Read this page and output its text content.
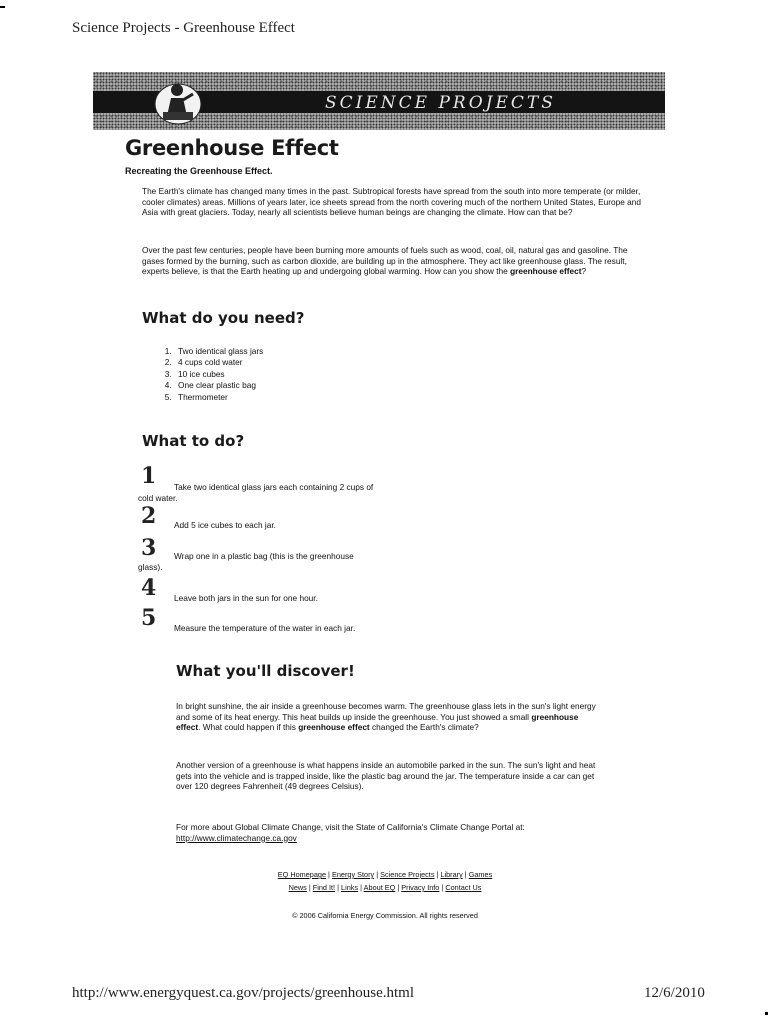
Science Projects - Greenhouse Effect
SCIENCE PROJECTS
Greenhouse Effect
Recreating the Greenhouse Effect.
The Earth's climate has changed many times in the past. Subtropical forests have spread from the south into more temperate (or milder, cooler climates) areas. Millions of years later, ice sheets spread from the north covering much of the northern United States, Europe and Asia with great glaciers. Today, nearly all scientists believe human beings are changing the climate. How can that be?
Over the past few centuries, people have been burning more amounts of fuels such as wood, coal, oil, natural gas and gasoline. The gases formed by the burning, such as carbon dioxide, are building up in the atmosphere. They act like greenhouse glass. The result, experts believe, is that the Earth heating up and undergoing global warming. How can you show the greenhouse effect?
What do you need?
1. Two identical glass jars
2. 4 cups cold water
3. 10 ice cubes
4. One clear plastic bag
5. Thermometer
What to do?
1	Take two identical glass jars each containing 2 cups of cold water.
2 Add 5 ice cubes to each jar.
3	Wrap one in a plastic bag (this is the greenhouse glass).
4 Leave both jars in the sun for one hour.
5	Measure the temperature of the water in each jar.
What you'll discover!
In bright sunshine, the air inside a greenhouse becomes warm. The greenhouse glass lets in the sun's light energy and some of its heat energy. This heat builds up inside the greenhouse. You just showed a small greenhouse effect. What could happen if this greenhouse effect changed the Earth's climate?
Another version of a greenhouse is what happens inside an automobile parked in the sun. The sun's light and heat gets into the vehicle and is trapped inside, like the plastic bag around the jar. The temperature inside a car can get over 120 degrees Fahrenheit (49 degrees Celsius).
For more about Global Climate Change, visit the State of California's Climate Change Portal at: http://www.climatechange.ca.gov
EQ Homepage | Energy Story | Science Projects | Library | Games
News | Find It! | Links | About EQ | Privacy Info | Contact Us
© 2006 California Energy Commission. All rights reserved
http://www.energyquest.ca.gov/projects/greenhouse.html	12/6/2010
